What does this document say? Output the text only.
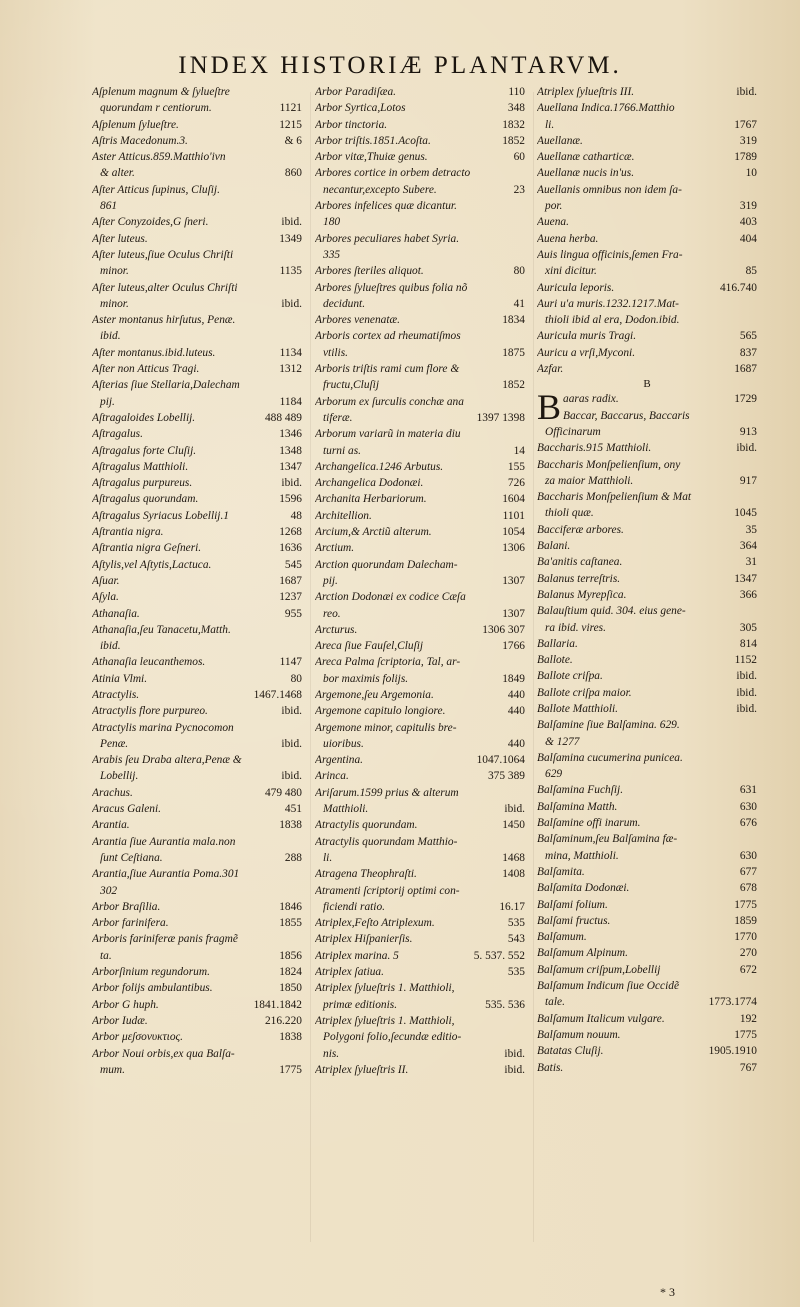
INDEX HISTORIÆ PLANTARVM.
Aſplenum magnum & ſylueſtre
1121
quorundam r centiorum.
1215
Aſplenum ſylueſtre.
& 6
Aſtris Macedonum.3.
Aster Atticus.859.Matthio'ivn
860
& alter.
Aſter Atticus ſupinus, Cluſij.
861
ibid.
Aſter Conyzoides,G ſneri.
1349
Aſter luteus.
Aſter luteus,ſiue Oculus Chriſti
1135
minor.
Aſter luteus,alter Oculus Chriſti
ibid.
minor.
Aster montanus hirſutus, Penæ.
ibid.
1134
Aſter montanus.ibid.luteus.
1312
Aſter non Atticus Tragi.
Aſterias ſiue Stellaria,Dalecham
1184
pij.
488 489
Aſtragaloides Lobellij.
1346
Aſtragalus.
1348
Aſtragalus forte Cluſij.
1347
Aſtragalus Matthioli.
ibid.
Aſtragalus purpureus.
1596
Aſtragalus quorundam.
48
Aſtragalus Syriacus Lobellij.1
1268
Aſtrantia nigra.
1636
Aſtrantia nigra Geſneri.
545
Aſtylis,vel Aſtytis,Lactuca.
1687
Aſuar.
1237
Aſyla.
955
Athanaſia.
Athanaſia,ſeu Tanacetu,Matth.
ibid.
1147
Athanaſia leucanthemos.
80
Atinia Vlmi.
1467.1468
Atractylis.
ibid.
Atractylis flore purpureo.
Atractylis marina Pycnocomon
ibid.
Penæ.
Arabis ſeu Draba altera,Penæ &
ibid.
Lobellij.
479 480
Arachus.
451
Aracus Galeni.
1838
Arantia.
Arantia ſiue Aurantia mala.non
288
ſunt Ceſtiana.
Arantia,ſiue Aurantia Poma.301
302
1846
Arbor Braſilia.
1855
Arbor farinifera.
Arboris fariniferæ panis fragmẽ
1856
ta.
1824
Arborſinium regundorum.
1850
Arbor folijs ambulantibus.
1841.1842
Arbor G huph.
216.220
Arbor Iudæ.
1838
Arbor μεʃσονυκτιος.
Arbor Noui orbis,ex qua Balſa-
1775
mum.
110
Arbor Paradiſæa.
348
Arbor Syrtica,Lotos
1832
Arbor tinctoria.
1852
Arbor triſtis.1851.Acoſta.
60
Arbor vitæ,Thuiæ genus.
Arbores cortice in orbem detracto
23
necantur,excepto Subere.
Arbores infelices quæ dicantur.
180
Arbores peculiares habet Syria.
335
80
Arbores ſteriles aliquot.
Arbores ſylueſtres quibus folia nõ
41
decidunt.
1834
Arbores venenatæ.
Arboris cortex ad rheumatiſmos
1875
vtilis.
Arboris triſtis rami cum flore &
1852
fructu,Cluſij
Arborum ex ſurculis conchæ ana
1397 1398
tiferæ.
Arborum variarũ in materia diu
14
turni as.
155
Archangelica.1246 Arbutus.
726
Archangelica Dodonæi.
1604
Archanita Herbariorum.
1101
Architellion.
1054
Arcium,& Arctiũ alterum.
1306
Arctium.
Arction quorundam Dalecham-
1307
pij.
Arction Dodonæi ex codice Cæſa
1307
reo.
1306 307
Arcturus.
1766
Areca ſiue Fauſel,Cluſij
Areca Palma ſcriptoria, Tal, ar-
1849
bor maximis folijs.
440
Argemone,ſeu Argemonia.
440
Argemone capitulo longiore.
Argemone minor, capitulis bre-
440
uioribus.
1047.1064
Argentina.
375 389
Arinca.
Ariſarum.1599 prius & alterum
ibid.
Matthioli.
1450
Atractylis quorundam.
Atractylis quorundam Matthio-
1468
li.
1408
Atragena Theophraſti.
Atramenti ſcriptorij optimi con-
16.17
ficiendi ratio.
535
Atriplex,Feſto Atriplexum.
543
Atriplex Hiſpanierſis.
5. 537. 552
Atriplex marina. 5
535
Atriplex ſatiua.
Atriplex ſylueſtris 1. Matthioli,
535. 536
primæ editionis.
Atriplex ſylueſtris 1. Matthioli,
Polygoni folio,ſecundæ editio-
ibid.
nis.
ibid.
Atriplex ſylueſtris II.
ibid.
Atriplex ſylueſtris III.
Auellana Indica.1766.Matthio
1767
li.
319
Auellanæ.
1789
Auellanæ catharticæ.
10
Auellanæ nucis in'us.
Auellanis omnibus non idem ſa-
319
por.
403
Auena.
404
Auena herba.
Auis lingua officinis,ſemen Fra-
85
xini dicitur.
416.740
Auricula leporis.
Auri u'a muris.1232.1217.Mat-
thioli ibid al era, Dodon.ibid.
565
Auricula muris Tragi.
837
Auricu a vrſi,Myconi.
1687
Azfar.
B
B	1729
aaras radix.
Baccar, Baccarus, Baccaris
913
Officinarum
ibid.
Baccharis.915 Matthioli.
Baccharis Monſpelienſium, ony
917
za maior Matthioli.
Baccharis Monſpelienſium & Mat
1045
thioli quæ.
35
Bacciferæ arbores.
364
Balani.
31
Ba'anitis caſtanea.
1347
Balanus terreſtris.
366
Balanus Myrepſica.
Balauſtium quid. 304. eius gene-
305
ra ibid. vires.
814
Ballaria.
1152
Ballote.
ibid.
Ballote criſpa.
ibid.
Ballote criſpa maior.
ibid.
Ballote Matthioli.
Balſamine ſiue Balſamina. 629.
& 1277
Balſamina cucumerina punicea.
629
631
Balſamina Fuchſij.
630
Balſamina Matth.
676
Balſamine offi inarum.
Balſaminum,ſeu Balſamina fæ-
630
mina, Matthioli.
677
Balſamita.
678
Balſamita Dodonæi.
1775
Balſami folium.
1859
Balſami fructus.
1770
Balſamum.
270
Balſamum Alpinum.
672
Balſamum criſpum,Lobellij
Balſamum Indicum ſiue Occidẽ
1773.1774
tale.
192
Balſamum Italicum vulgare.
1775
Balſamum nouum.
1905.1910
Batatas Cluſij.
767
Batis.
* 3
